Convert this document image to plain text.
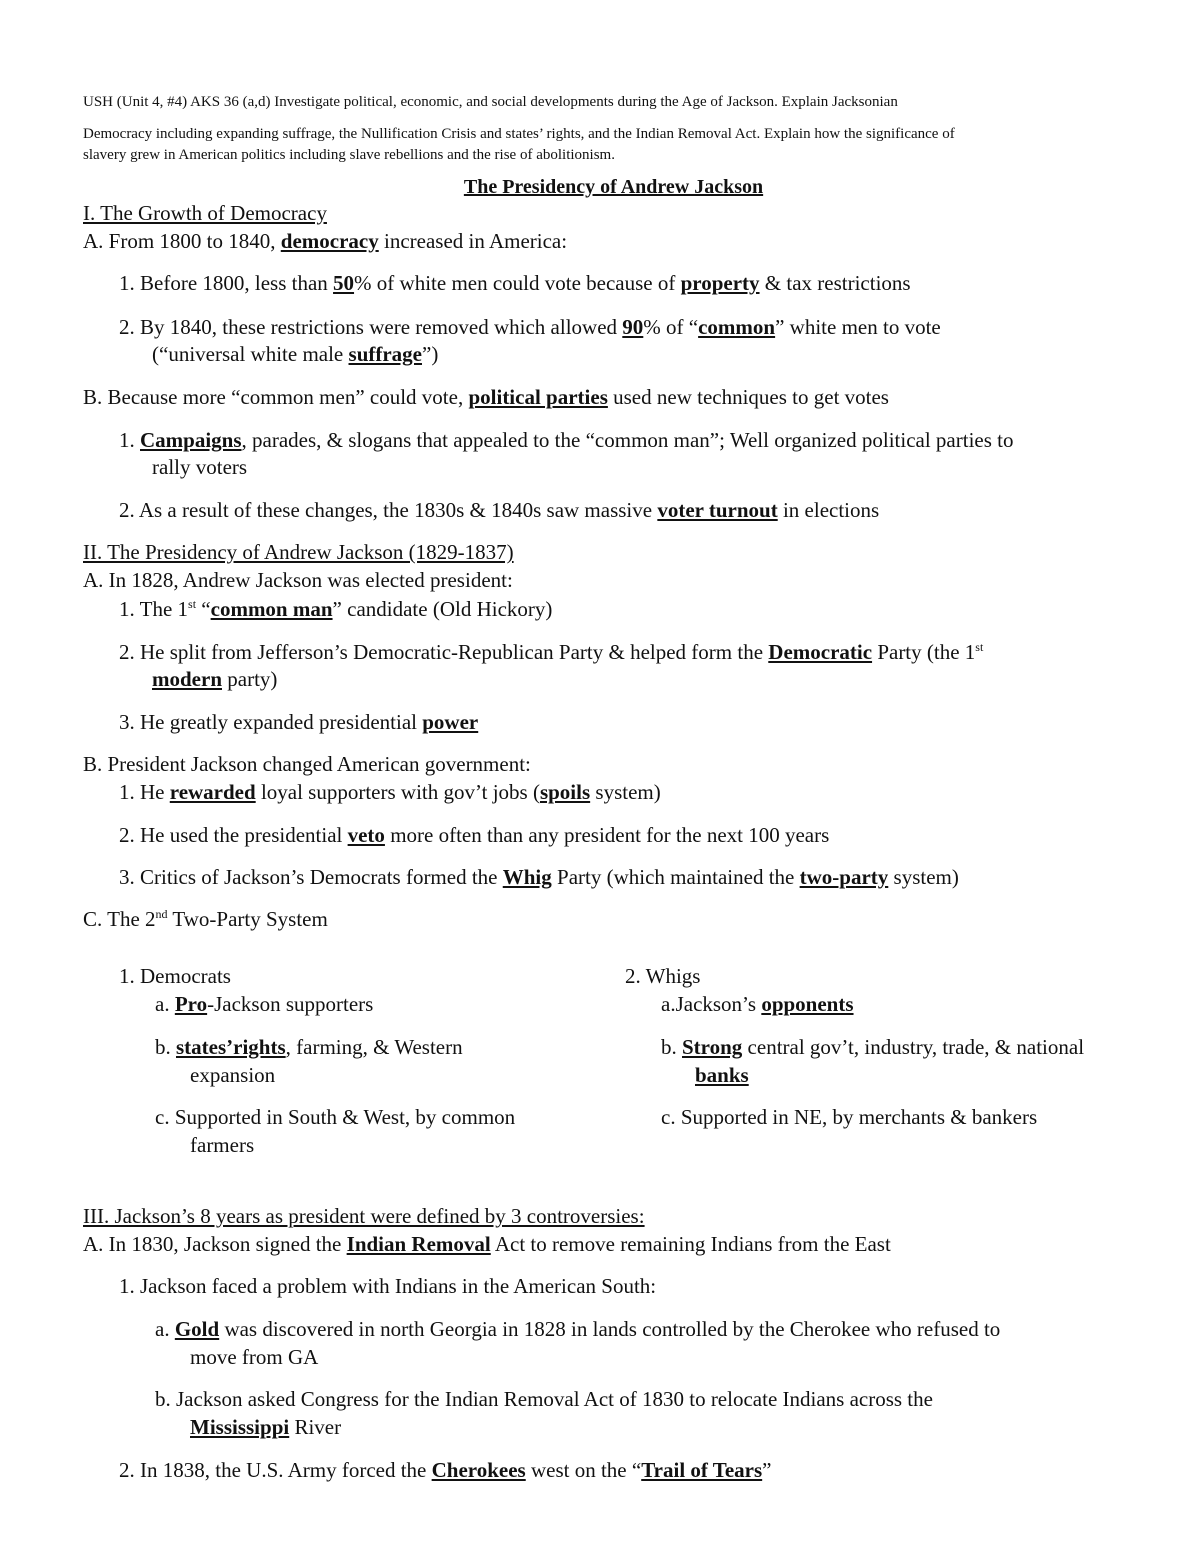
USH (Unit 4, #4) AKS 36 (a,d) Investigate political, economic, and social developments during the Age of Jackson. Explain Jacksonian
Democracy including expanding suffrage, the Nullification Crisis and states’ rights, and the Indian Removal Act. Explain how the significance of
slavery grew in American politics including slave rebellions and the rise of abolitionism.
The Presidency of Andrew Jackson
I. The Growth of Democracy
A. From 1800 to 1840, democracy increased in America:
1. Before 1800, less than 50% of white men could vote because of property & tax restrictions
2. By 1840, these restrictions were removed which allowed 90% of “common” white men to vote
(“universal white male suffrage”)
B. Because more “common men” could vote, political parties used new techniques to get votes
1. Campaigns, parades, & slogans that appealed to the “common man”; Well organized political parties to
rally voters
2. As a result of these changes, the 1830s & 1840s saw massive voter turnout in elections
II. The Presidency of Andrew Jackson (1829-1837)
A. In 1828, Andrew Jackson was elected president:
1. The 1st “common man” candidate (Old Hickory)
2. He split from Jefferson’s Democratic-Republican Party & helped form the Democratic Party (the 1st
modern party)
3. He greatly expanded presidential power
B. President Jackson changed American government:
1. He rewarded loyal supporters with gov’t jobs (spoils system)
2. He used the presidential veto more often than any president for the next 100 years
3. Critics of Jackson’s Democrats formed the Whig Party (which maintained the two-party system)
C. The 2nd Two-Party System
1. Democrats
a. Pro-Jackson supporters
b. states’rights, farming, & Western
expansion
c. Supported in South & West, by common
farmers
2. Whigs
a.Jackson’s opponents
b. Strong central gov’t, industry, trade, & national
banks
c. Supported in NE, by merchants & bankers
III. Jackson’s 8 years as president were defined by 3 controversies:
A. In 1830, Jackson signed the Indian Removal Act to remove remaining Indians from the East
1. Jackson faced a problem with Indians in the American South:
a. Gold was discovered in north Georgia in 1828 in lands controlled by the Cherokee who refused to
move from GA
b. Jackson asked Congress for the Indian Removal Act of 1830 to relocate Indians across the
Mississippi River
2. In 1838, the U.S. Army forced the Cherokees west on the “Trail of Tears”
